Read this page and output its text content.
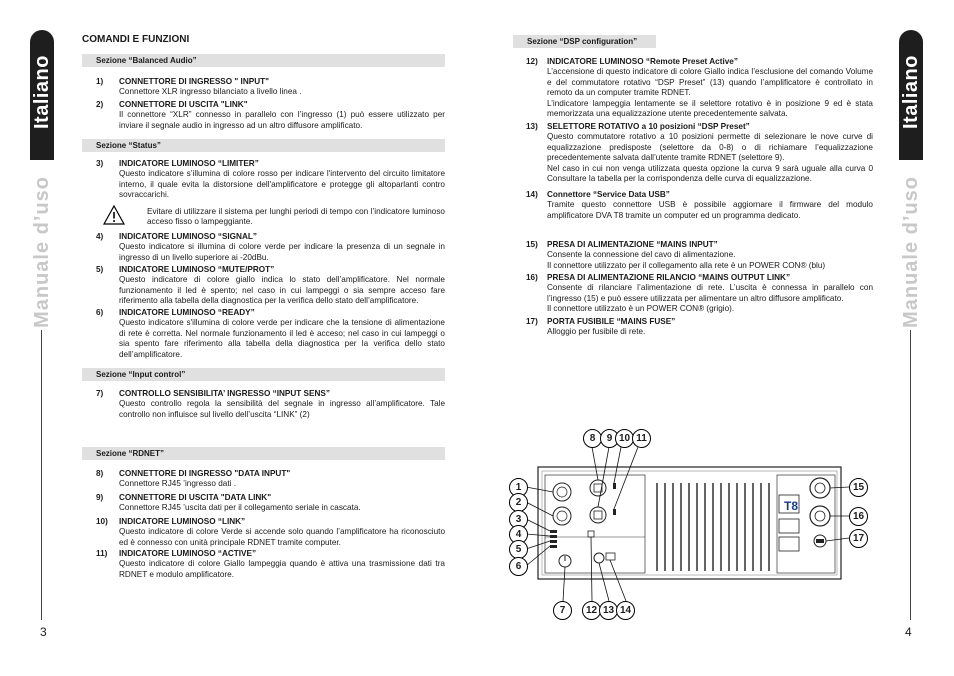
Italiano
Manuale d’uso
3
Italiano
Manuale d’uso
4
COMANDI E FUNZIONI
Sezione “Balanced Audio”
1) CONNETTORE DI INGRESSO " INPUT"
Connettore XLR ingresso bilanciato a livello linea .
2) CONNETTORE DI USCITA "LINK"
Il connettore “XLR” connesso in parallelo con l’ingresso (1) può essere utilizzato per inviare il segnale audio in ingresso ad un altro diffusore amplificato.
Sezione “Status”
3) INDICATORE LUMINOSO “LIMITER”
Questo indicatore s’illumina di colore rosso per indicare l'intervento del circuito limitatore interno, il quale evita la distorsione dell'amplificatore e protegge gli altoparlanti contro sovraccarichi.
Evitare di utilizzare il sistema per lunghi periodi di tempo con l’indicatore luminoso acceso fisso o lampeggiante.
4) INDICATORE LUMINOSO “SIGNAL”
Questo indicatore si illumina di colore verde per indicare la presenza di un segnale in ingresso di un livello superiore ai -20dBu.
5) INDICATORE LUMINOSO “MUTE/PROT”
Questo indicatore di colore giallo indica lo stato dell’amplificatore. Nel normale funzionamento il led è spento; nel caso in cui lampeggi o sia sempre acceso fare riferimento alla tabella della diagnostica per la verifica dello stato dell’amplificatore.
6) INDICATORE LUMINOSO “READY”
Questo indicatore s'illumina di colore verde per indicare che la tensione di alimentazione di rete è corretta. Nel normale funzionamento il led è acceso; nel caso in cui lampeggi o sia spento fare riferimento alla tabella della diagnostica per la verifica dello stato dell’amplificatore.
Sezione “Input control”
7) CONTROLLO SENSIBILITA’ INGRESSO “INPUT SENS”
Questo controllo regola la sensibilità del segnale in ingresso all’amplificatore. Tale controllo non influisce sul livello dell’uscita “LINK” (2)
Sezione “RDNET”
8) CONNETTORE DI INGRESSO "DATA INPUT"
Connettore RJ45 ’ingresso dati .
9) CONNETTORE DI USCITA "DATA LINK"
Connettore RJ45 ’uscita dati per il collegamento seriale in cascata.
10) INDICATORE LUMINOSO “LINK”
Questo indicatore di colore Verde si accende solo quando l’amplificatore ha riconosciuto ed è connesso con unità principale RDNET tramite computer.
11) INDICATORE LUMINOSO “ACTIVE”
Questo indicatore di colore Giallo lampeggia quando è attiva una trasmissione dati tra RDNET e modulo amplificatore.
Sezione “DSP configuration”
12) INDICATORE LUMINOSO “Remote Preset Active”
L’accensione di questo indicatore di colore Giallo indica l’esclusione del comando Volume e del commutatore rotativo “DSP Preset” (13) quando l’amplificatore è controllato in remoto da un computer tramite RDNET.
L’indicatore lampeggia lentamente se il selettore rotativo è in posizione 9 ed è stata memorizzata una equalizzazione utente precedentemente salvata.
13) SELETTORE ROTATIVO a 10 posizioni “DSP Preset”
Questo commutatore rotativo a 10 posizioni permette di selezionare le nove curve di equalizzazione predisposte (selettore da 0-8) o di richiamare l’equalizzazione precedentemente salvata dall’utente tramite RDNET (selettore 9).
Nel caso in cui non venga utilizzata questa opzione la curva 9 sarà uguale alla curva 0 Consultare la tabella per la corrispondenza delle curva di equalizzazione.
14) Connettore “Service Data USB”
Tramite questo connettore USB è possibile aggiornare il firmware del modulo amplificatore DVA T8 tramite un computer ed un programma dedicato.
15) PRESA DI ALIMENTAZIONE “MAINS INPUT”
Consente la connessione del cavo di alimentazione.
Il connettore utilizzato per il collegamento alla rete è un POWER CON® (blu)
16) PRESA DI ALIMENTAZIONE RILANCIO “MAINS OUTPUT LINK”
Consente di rilanciare l’alimentazione di rete. L’uscita è connessa in parallelo con l’ingresso (15) e può essere utilizzata per alimentare un altro diffusore amplificato.
Il connettore utilizzato è un POWER CON® (grigio).
17) PORTA FUSIBILE “MAINS FUSE”
Alloggio per fusibile di rete.
T8
1
2
3
4
5
6
7
8	9 10 11
12 13 14
15
16
17
